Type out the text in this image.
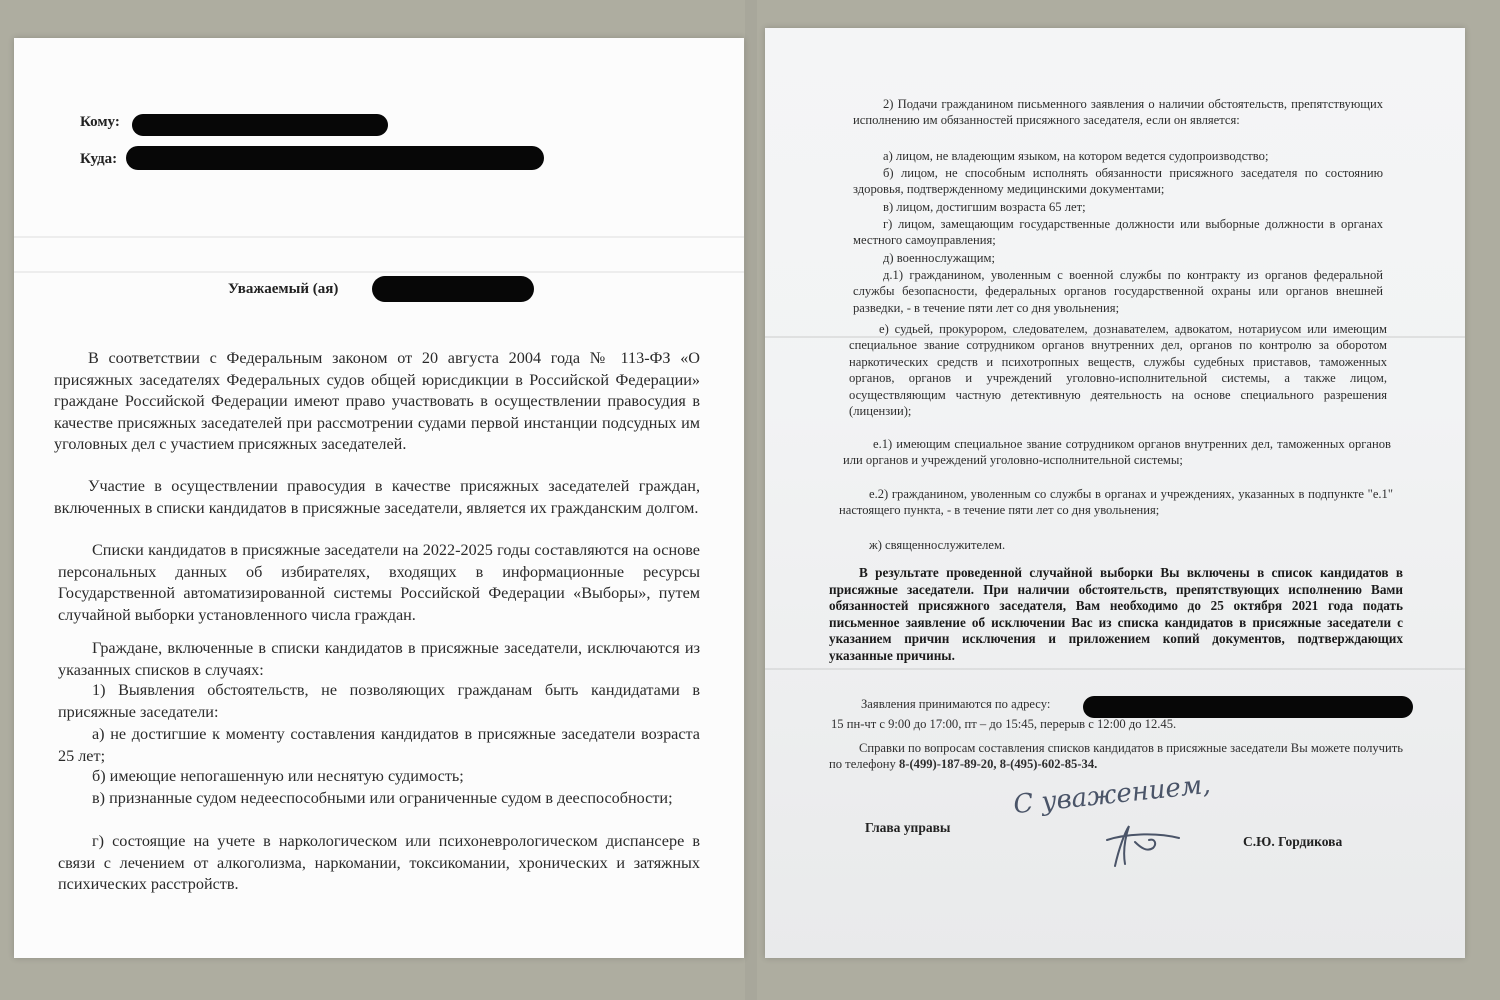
Кому:
Куда:
Уважаемый (ая)

В соответствии с Федеральным законом от 20 августа 2004 года № 113-ФЗ «О присяжных заседателях Федеральных судов общей юрисдикции в Российской Федерации» граждане Российской Федерации имеют право участвовать в осуществлении правосудия в качестве присяжных заседателей при рассмотрении судами первой инстанции подсудных им уголовных дел с участием присяжных заседателей.

Участие в осуществлении правосудия в качестве присяжных заседателей граждан, включенных в списки кандидатов в присяжные заседатели, является их гражданским долгом.

Списки кандидатов в присяжные заседатели на 2022-2025 годы составляются на основе персональных данных об избирателях, входящих в информационные ресурсы Государственной автоматизированной системы Российской Федерации «Выборы», путем случайной выборки установленного числа граждан.

Граждане, включенные в списки кандидатов в присяжные заседатели, исключаются из указанных списков в случаях:

1) Выявления обстоятельств, не позволяющих гражданам быть кандидатами в присяжные заседатели:

а) не достигшие к моменту составления кандидатов в присяжные заседатели возраста 25 лет;

б) имеющие непогашенную или неснятую судимость;

в) признанные судом недееспособными или ограниченные судом в дееспособности;

г) состоящие на учете в наркологическом или психоневрологическом диспансере в связи с лечением от алкоголизма, наркомании, токсикомании, хронических и затяжных психических расстройств.

2) Подачи гражданином письменного заявления о наличии обстоятельств, препятствующих исполнению им обязанностей присяжного заседателя, если он является:

а) лицом, не владеющим языком, на котором ведется судопроизводство;

б) лицом, не способным исполнять обязанности присяжного заседателя по состоянию здоровья, подтвержденному медицинскими документами;

в) лицом, достигшим возраста 65 лет;

г) лицом, замещающим государственные должности или выборные должности в органах местного самоуправления;

д) военнослужащим;

д.1) гражданином, уволенным с военной службы по контракту из органов федеральной службы безопасности, федеральных органов государственной охраны или органов внешней разведки, - в течение пяти лет со дня увольнения;

е) судьей, прокурором, следователем, дознавателем, адвокатом, нотариусом или имеющим специальное звание сотрудником органов внутренних дел, органов по контролю за оборотом наркотических средств и психотропных веществ, службы судебных приставов, таможенных органов, органов и учреждений уголовно-исполнительной системы, а также лицом, осуществляющим частную детективную деятельность на основе специального разрешения (лицензии);

е.1) имеющим специальное звание сотрудником органов внутренних дел, таможенных органов или органов и учреждений уголовно-исполнительной системы;

е.2) гражданином, уволенным со службы в органах и учреждениях, указанных в подпункте "е.1" настоящего пункта, - в течение пяти лет со дня увольнения;

ж) священнослужителем.

В результате проведенной случайной выборки Вы включены в список кандидатов в присяжные заседатели. При наличии обстоятельств, препятствующих исполнению Вами обязанностей присяжного заседателя, Вам необходимо до 25 октября 2021 года подать письменное заявление об исключении Вас из списка кандидатов в присяжные заседатели с указанием причин исключения и приложением копий документов, подтверждающих указанные причины.

Заявления принимаются по адресу:

15 пн-чт с 9:00 до 17:00, пт – до 15:45, перерыв с 12:00 до 12.45.

Справки по вопросам составления списков кандидатов в присяжные заседатели Вы можете получить по телефону 8-(499)-187-89-20, 8-(495)-602-85-34.

С уважением,
Глава управы
С.Ю. Гордикова
